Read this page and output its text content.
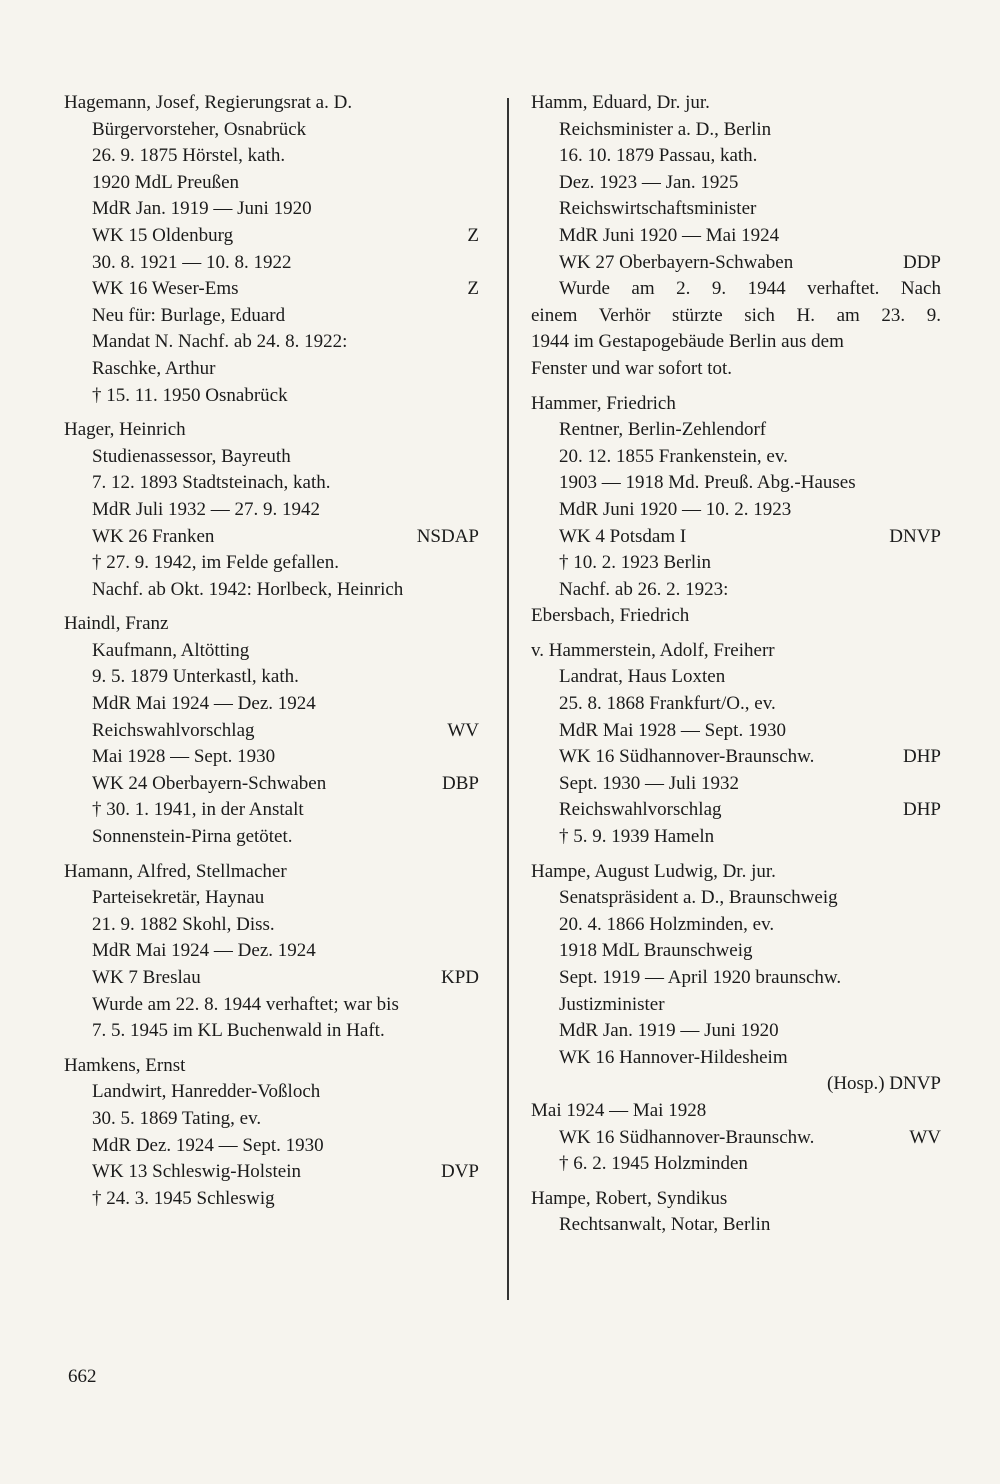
Hagemann, Josef, Regierungsrat a. D.
Bürgervorsteher, Osnabrück
26. 9. 1875 Hörstel, kath.
1920 MdL Preußen
MdR Jan. 1919 — Juni 1920
WK 15 Oldenburg	Z
30. 8. 1921 — 10. 8. 1922
WK 16 Weser-Ems	Z
Neu für: Burlage, Eduard
Mandat N. Nachf. ab 24. 8. 1922:
Raschke, Arthur
† 15. 11. 1950 Osnabrück
Hager, Heinrich
Studienassessor, Bayreuth
7. 12. 1893 Stadtsteinach, kath.
MdR Juli 1932 — 27. 9. 1942
WK 26 Franken	NSDAP
† 27. 9. 1942, im Felde gefallen.
Nachf. ab Okt. 1942: Horlbeck, Heinrich
Haindl, Franz
Kaufmann, Altötting
9. 5. 1879 Unterkastl, kath.
MdR Mai 1924 — Dez. 1924
Reichswahlvorschlag	WV
Mai 1928 — Sept. 1930
WK 24 Oberbayern-Schwaben	DBP
† 30. 1. 1941, in der Anstalt
Sonnenstein-Pirna getötet.
Hamann, Alfred, Stellmacher
Parteisekretär, Haynau
21. 9. 1882 Skohl, Diss.
MdR Mai 1924 — Dez. 1924
WK 7 Breslau	KPD
Wurde am 22. 8. 1944 verhaftet; war bis
7. 5. 1945 im KL Buchenwald in Haft.
Hamkens, Ernst
Landwirt, Hanredder-Voßloch
30. 5. 1869 Tating, ev.
MdR Dez. 1924 — Sept. 1930
WK 13 Schleswig-Holstein	DVP
† 24. 3. 1945 Schleswig
Hamm, Eduard, Dr. jur.
Reichsminister a. D., Berlin
16. 10. 1879 Passau, kath.
Dez. 1923 — Jan. 1925
Reichswirtschaftsminister
MdR Juni 1920 — Mai 1924
WK 27 Oberbayern-Schwaben	DDP
Wurde am 2. 9. 1944 verhaftet. Nach
einem Verhör stürzte sich H. am 23. 9.
1944 im Gestapogebäude Berlin aus dem
Fenster und war sofort tot.
Hammer, Friedrich
Rentner, Berlin-Zehlendorf
20. 12. 1855 Frankenstein, ev.
1903 — 1918 Md. Preuß. Abg.-Hauses
MdR Juni 1920 — 10. 2. 1923
WK 4 Potsdam I	DNVP
† 10. 2. 1923 Berlin
Nachf. ab 26. 2. 1923:
Ebersbach, Friedrich
v. Hammerstein, Adolf, Freiherr
Landrat, Haus Loxten
25. 8. 1868 Frankfurt/O., ev.
MdR Mai 1928 — Sept. 1930
WK 16 Südhannover-Braunschw.	DHP
Sept. 1930 — Juli 1932
Reichswahlvorschlag	DHP
† 5. 9. 1939 Hameln
Hampe, August Ludwig, Dr. jur.
Senatspräsident a. D., Braunschweig
20. 4. 1866 Holzminden, ev.
1918 MdL Braunschweig
Sept. 1919 — April 1920 braunschw.
Justizminister
MdR Jan. 1919 — Juni 1920
WK 16 Hannover-Hildesheim
(Hosp.) DNVP
Mai 1924 — Mai 1928
WK 16 Südhannover-Braunschw.	WV
† 6. 2. 1945 Holzminden
Hampe, Robert, Syndikus
Rechtsanwalt, Notar, Berlin
662
